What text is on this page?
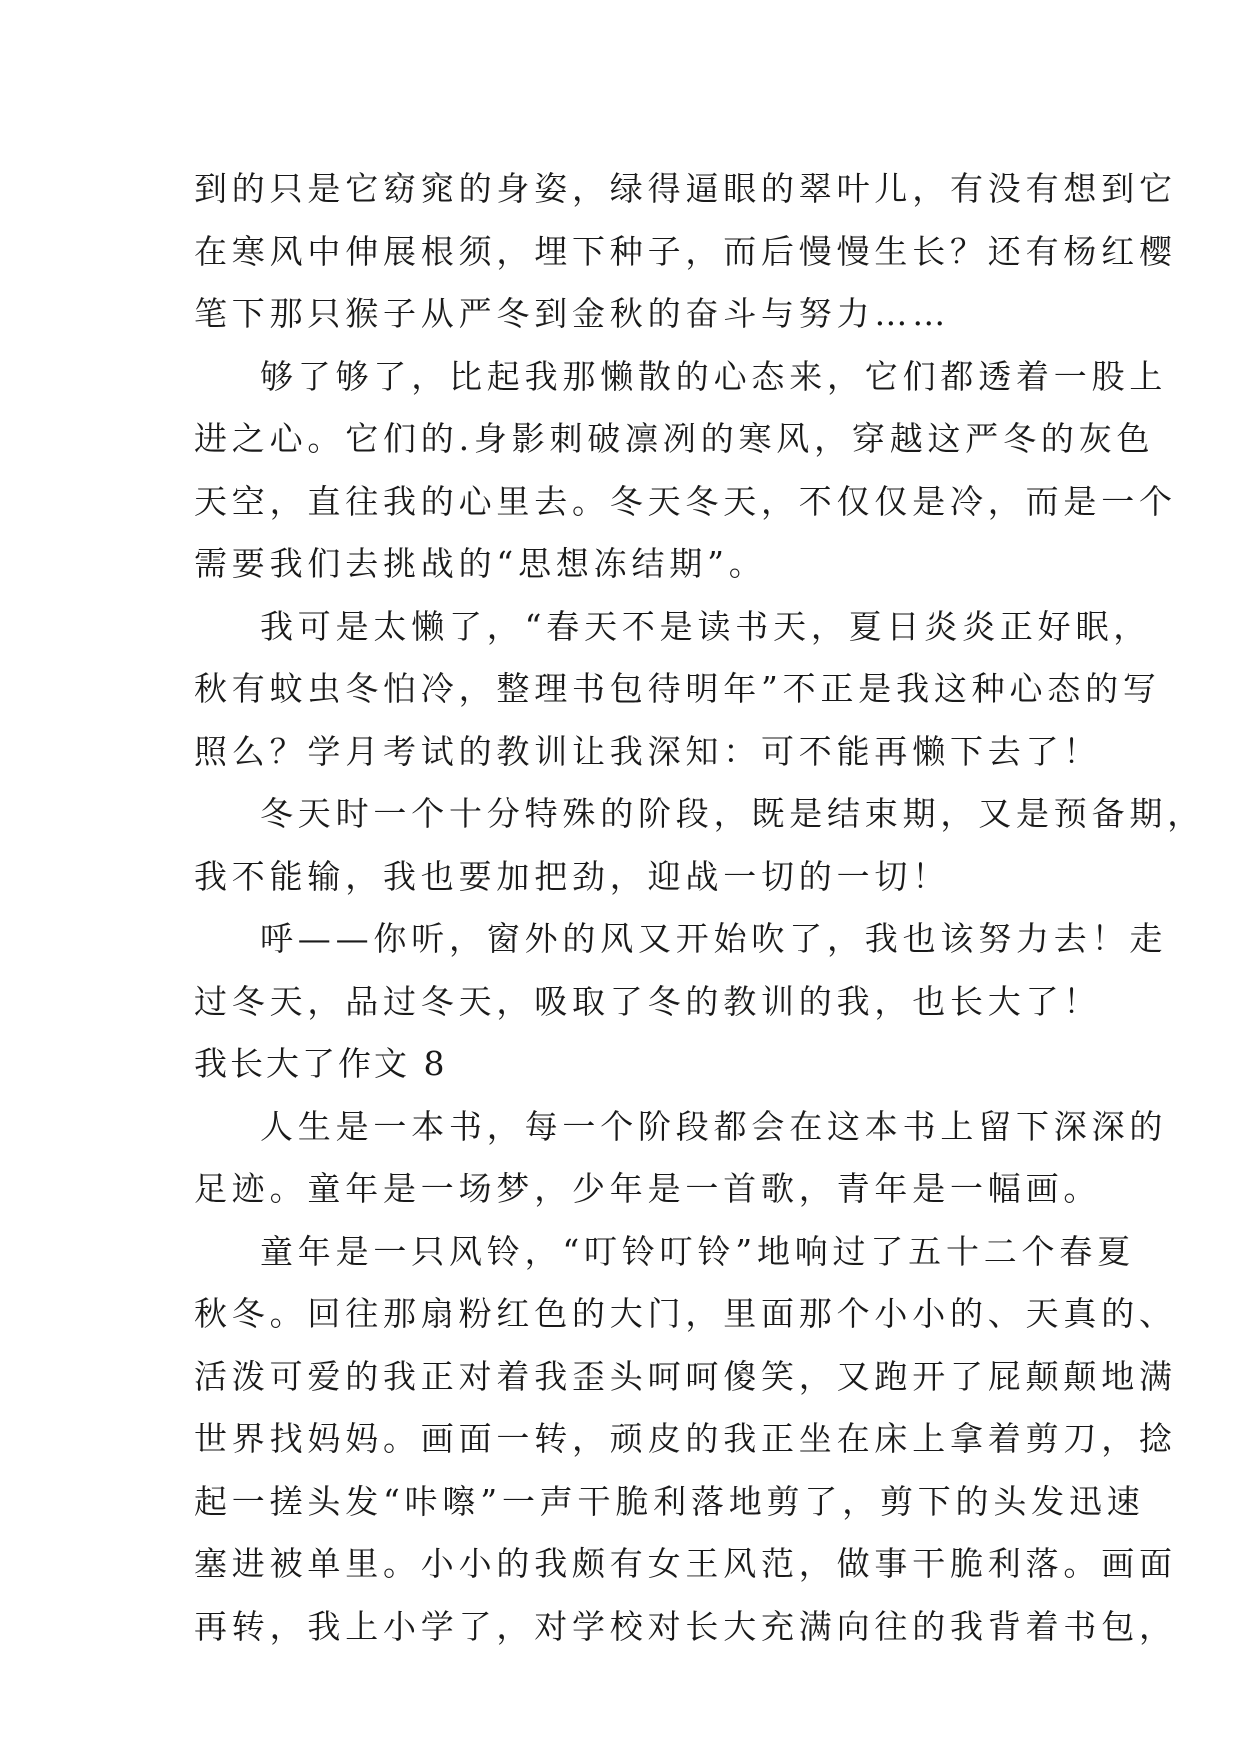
到的只是它窈窕的身姿，绿得逼眼的翠叶儿，有没有想到它
在寒风中伸展根须，埋下种子，而后慢慢生长？还有杨红樱
笔下那只猴子从严冬到金秋的奋斗与努力……
够了够了，比起我那懒散的心态来，它们都透着一股上
进之心。它们的.身影刺破凛冽的寒风，穿越这严冬的灰色
天空，直往我的心里去。冬天冬天，不仅仅是冷，而是一个
需要我们去挑战的“思想冻结期”。
我可是太懒了，“春天不是读书天，夏日炎炎正好眠，
秋有蚊虫冬怕冷，整理书包待明年”不正是我这种心态的写
照么？学月考试的教训让我深知：可不能再懒下去了！
冬天时一个十分特殊的阶段，既是结束期，又是预备期，
我不能输，我也要加把劲，迎战一切的一切！
呼——你听，窗外的风又开始吹了，我也该努力去！走
过冬天，品过冬天，吸取了冬的教训的我，也长大了！
我长大了作文 8
人生是一本书，每一个阶段都会在这本书上留下深深的
足迹。童年是一场梦，少年是一首歌，青年是一幅画。
童年是一只风铃，“叮铃叮铃”地响过了五十二个春夏
秋冬。回往那扇粉红色的大门，里面那个小小的、天真的、
活泼可爱的我正对着我歪头呵呵傻笑，又跑开了屁颠颠地满
世界找妈妈。画面一转，顽皮的我正坐在床上拿着剪刀，捻
起一搓头发“咔嚓”一声干脆利落地剪了，剪下的头发迅速
塞进被单里。小小的我颇有女王风范，做事干脆利落。画面
再转，我上小学了，对学校对长大充满向往的我背着书包，
